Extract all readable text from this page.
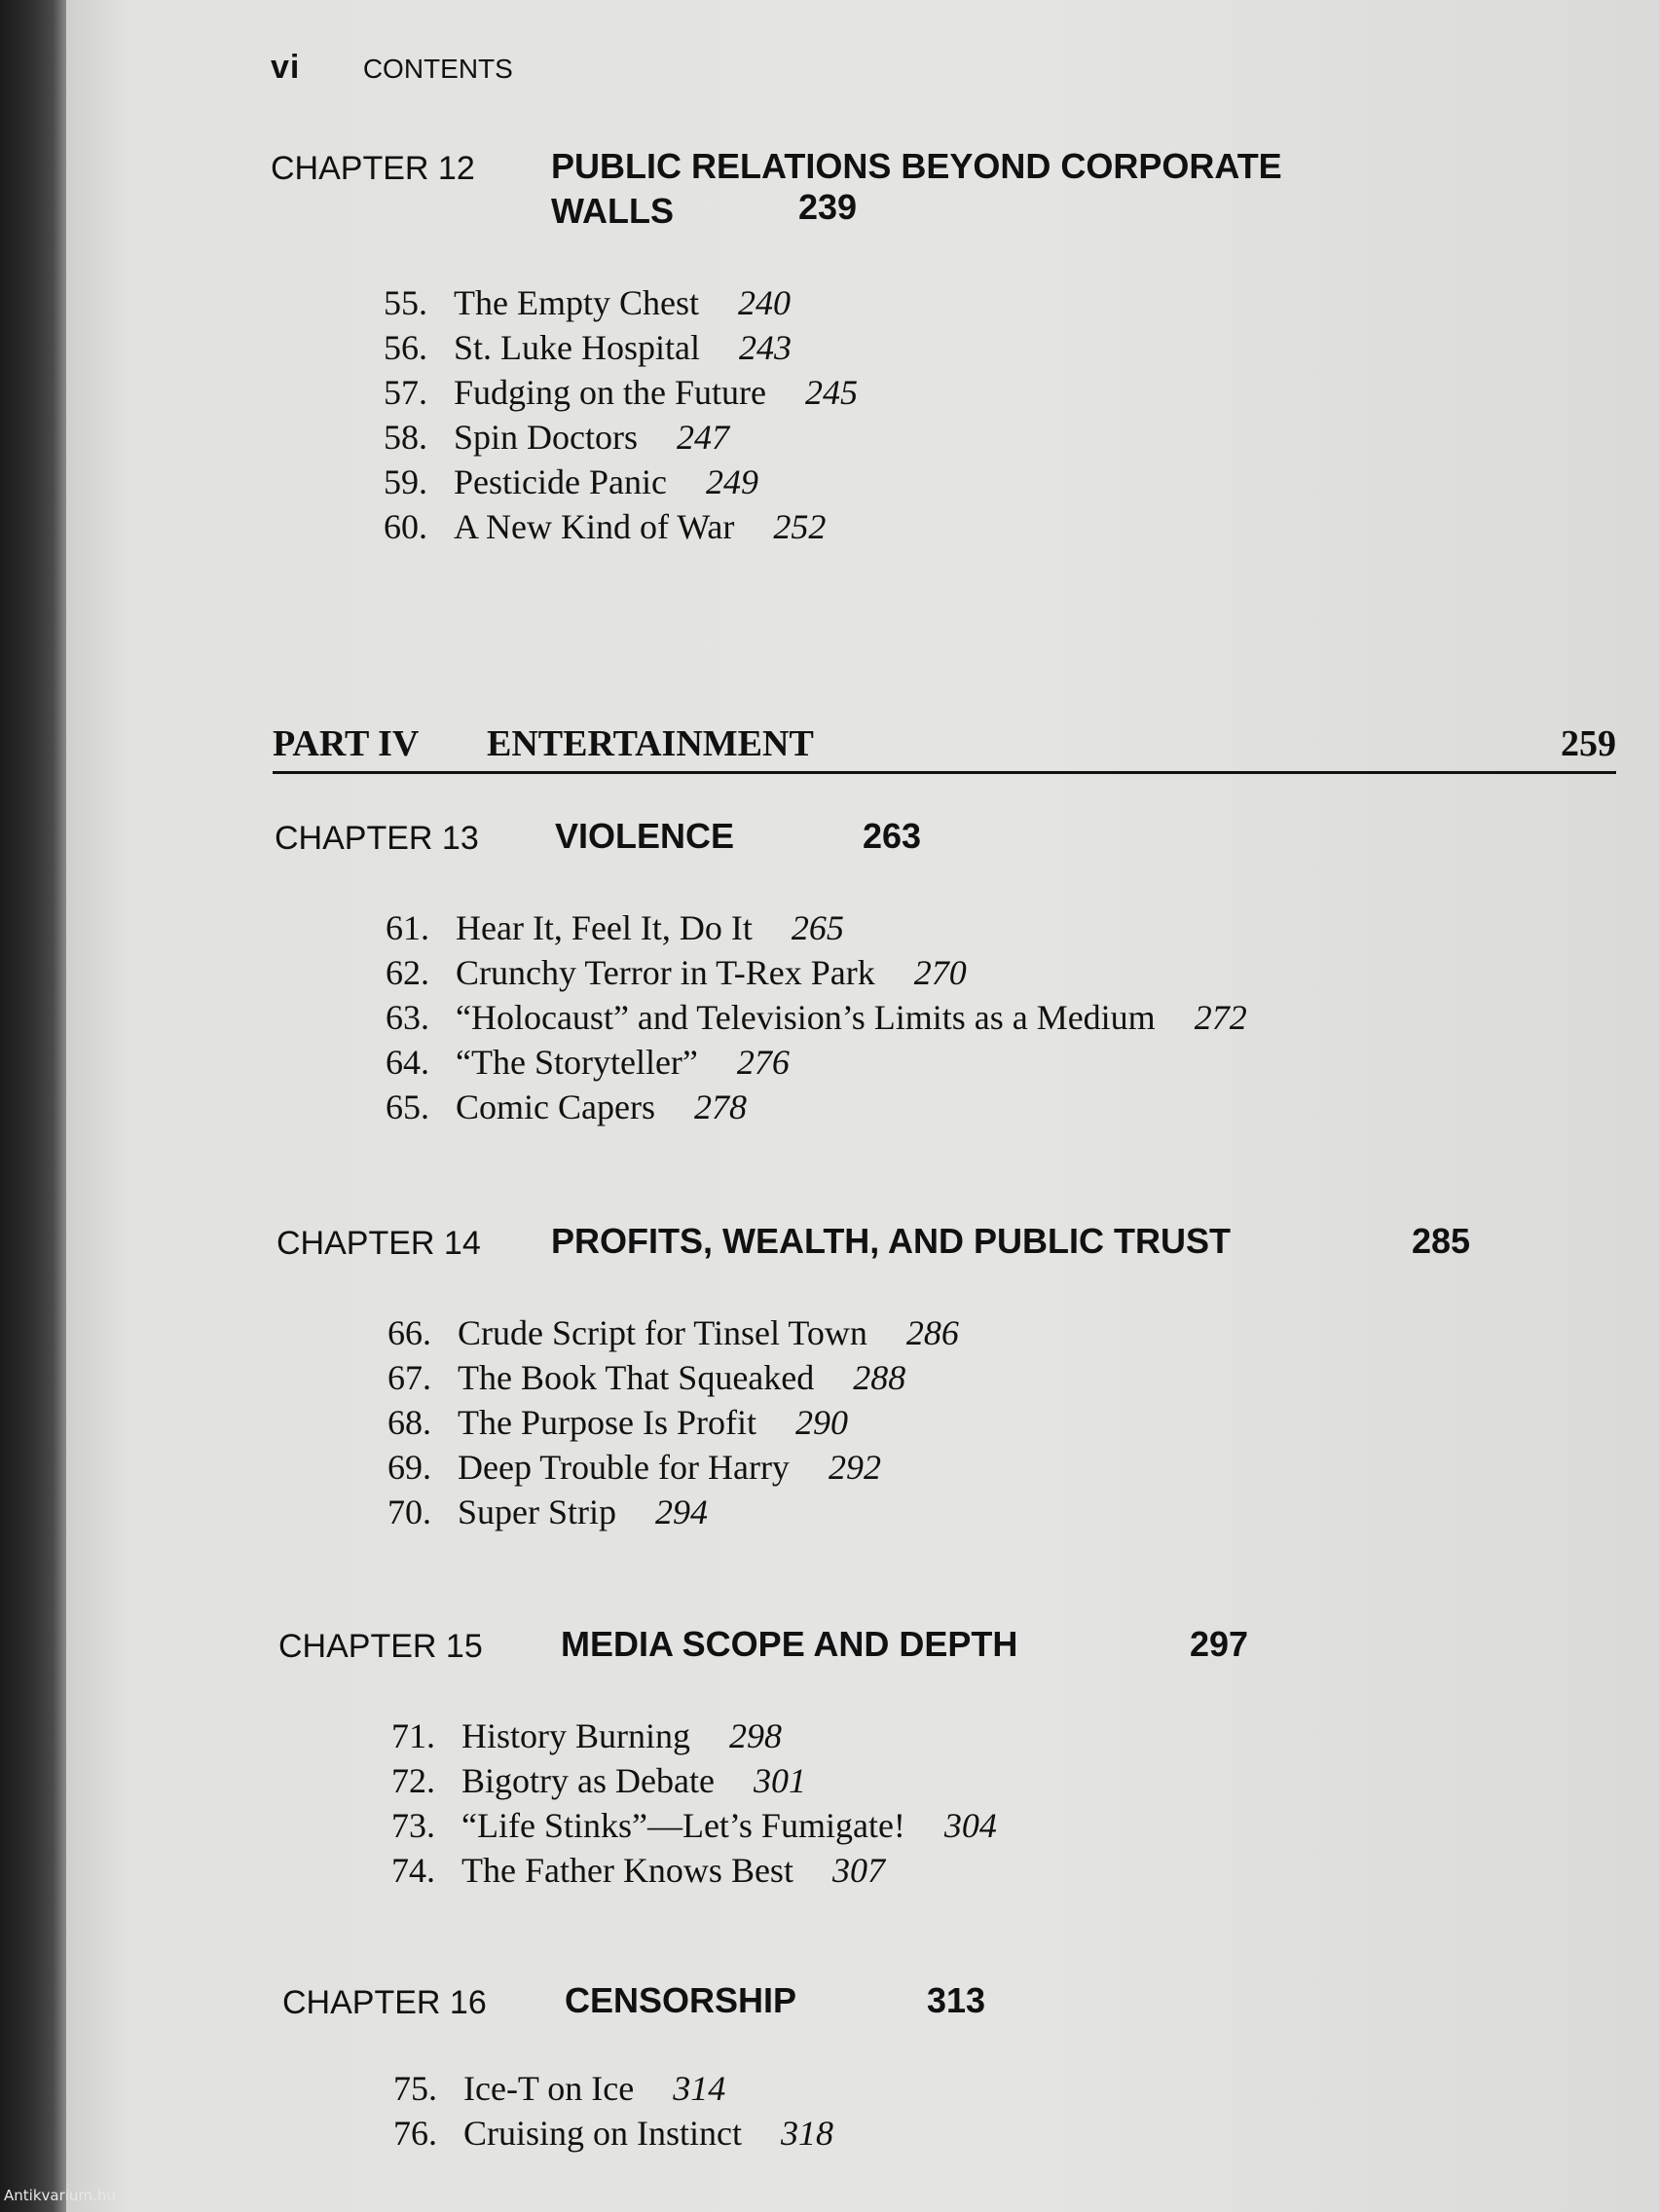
vi CONTENTS
CHAPTER 12 PUBLIC RELATIONS BEYOND CORPORATE
WALLS	239
55. The Empty Chest 240
56. St. Luke Hospital 243
57. Fudging on the Future 245
58. Spin Doctors 247
59. Pesticide Panic 249
60. A New Kind of War 252
PART IV ENTERTAINMENT	259
CHAPTER 13 VIOLENCE	263
61. Hear It, Feel It, Do It 265
62. Crunchy Terror in T-Rex Park 270
63. “Holocaust” and Television’s Limits as a Medium 272
64. “The Storyteller” 276
65. Comic Capers 278
CHAPTER 14 PROFITS, WEALTH, AND PUBLIC TRUST	285
66. Crude Script for Tinsel Town 286
67. The Book That Squeaked 288
68. The Purpose Is Profit 290
69. Deep Trouble for Harry 292
70. Super Strip 294
CHAPTER 15 MEDIA SCOPE AND DEPTH	297
71. History Burning 298
72. Bigotry as Debate 301
73. “Life Stinks”—Let’s Fumigate! 304
74. The Father Knows Best 307
CHAPTER 16 CENSORSHIP	313
75. Ice-T on Ice 314
76. Cruising on Instinct 318
Antikvarium.hu
